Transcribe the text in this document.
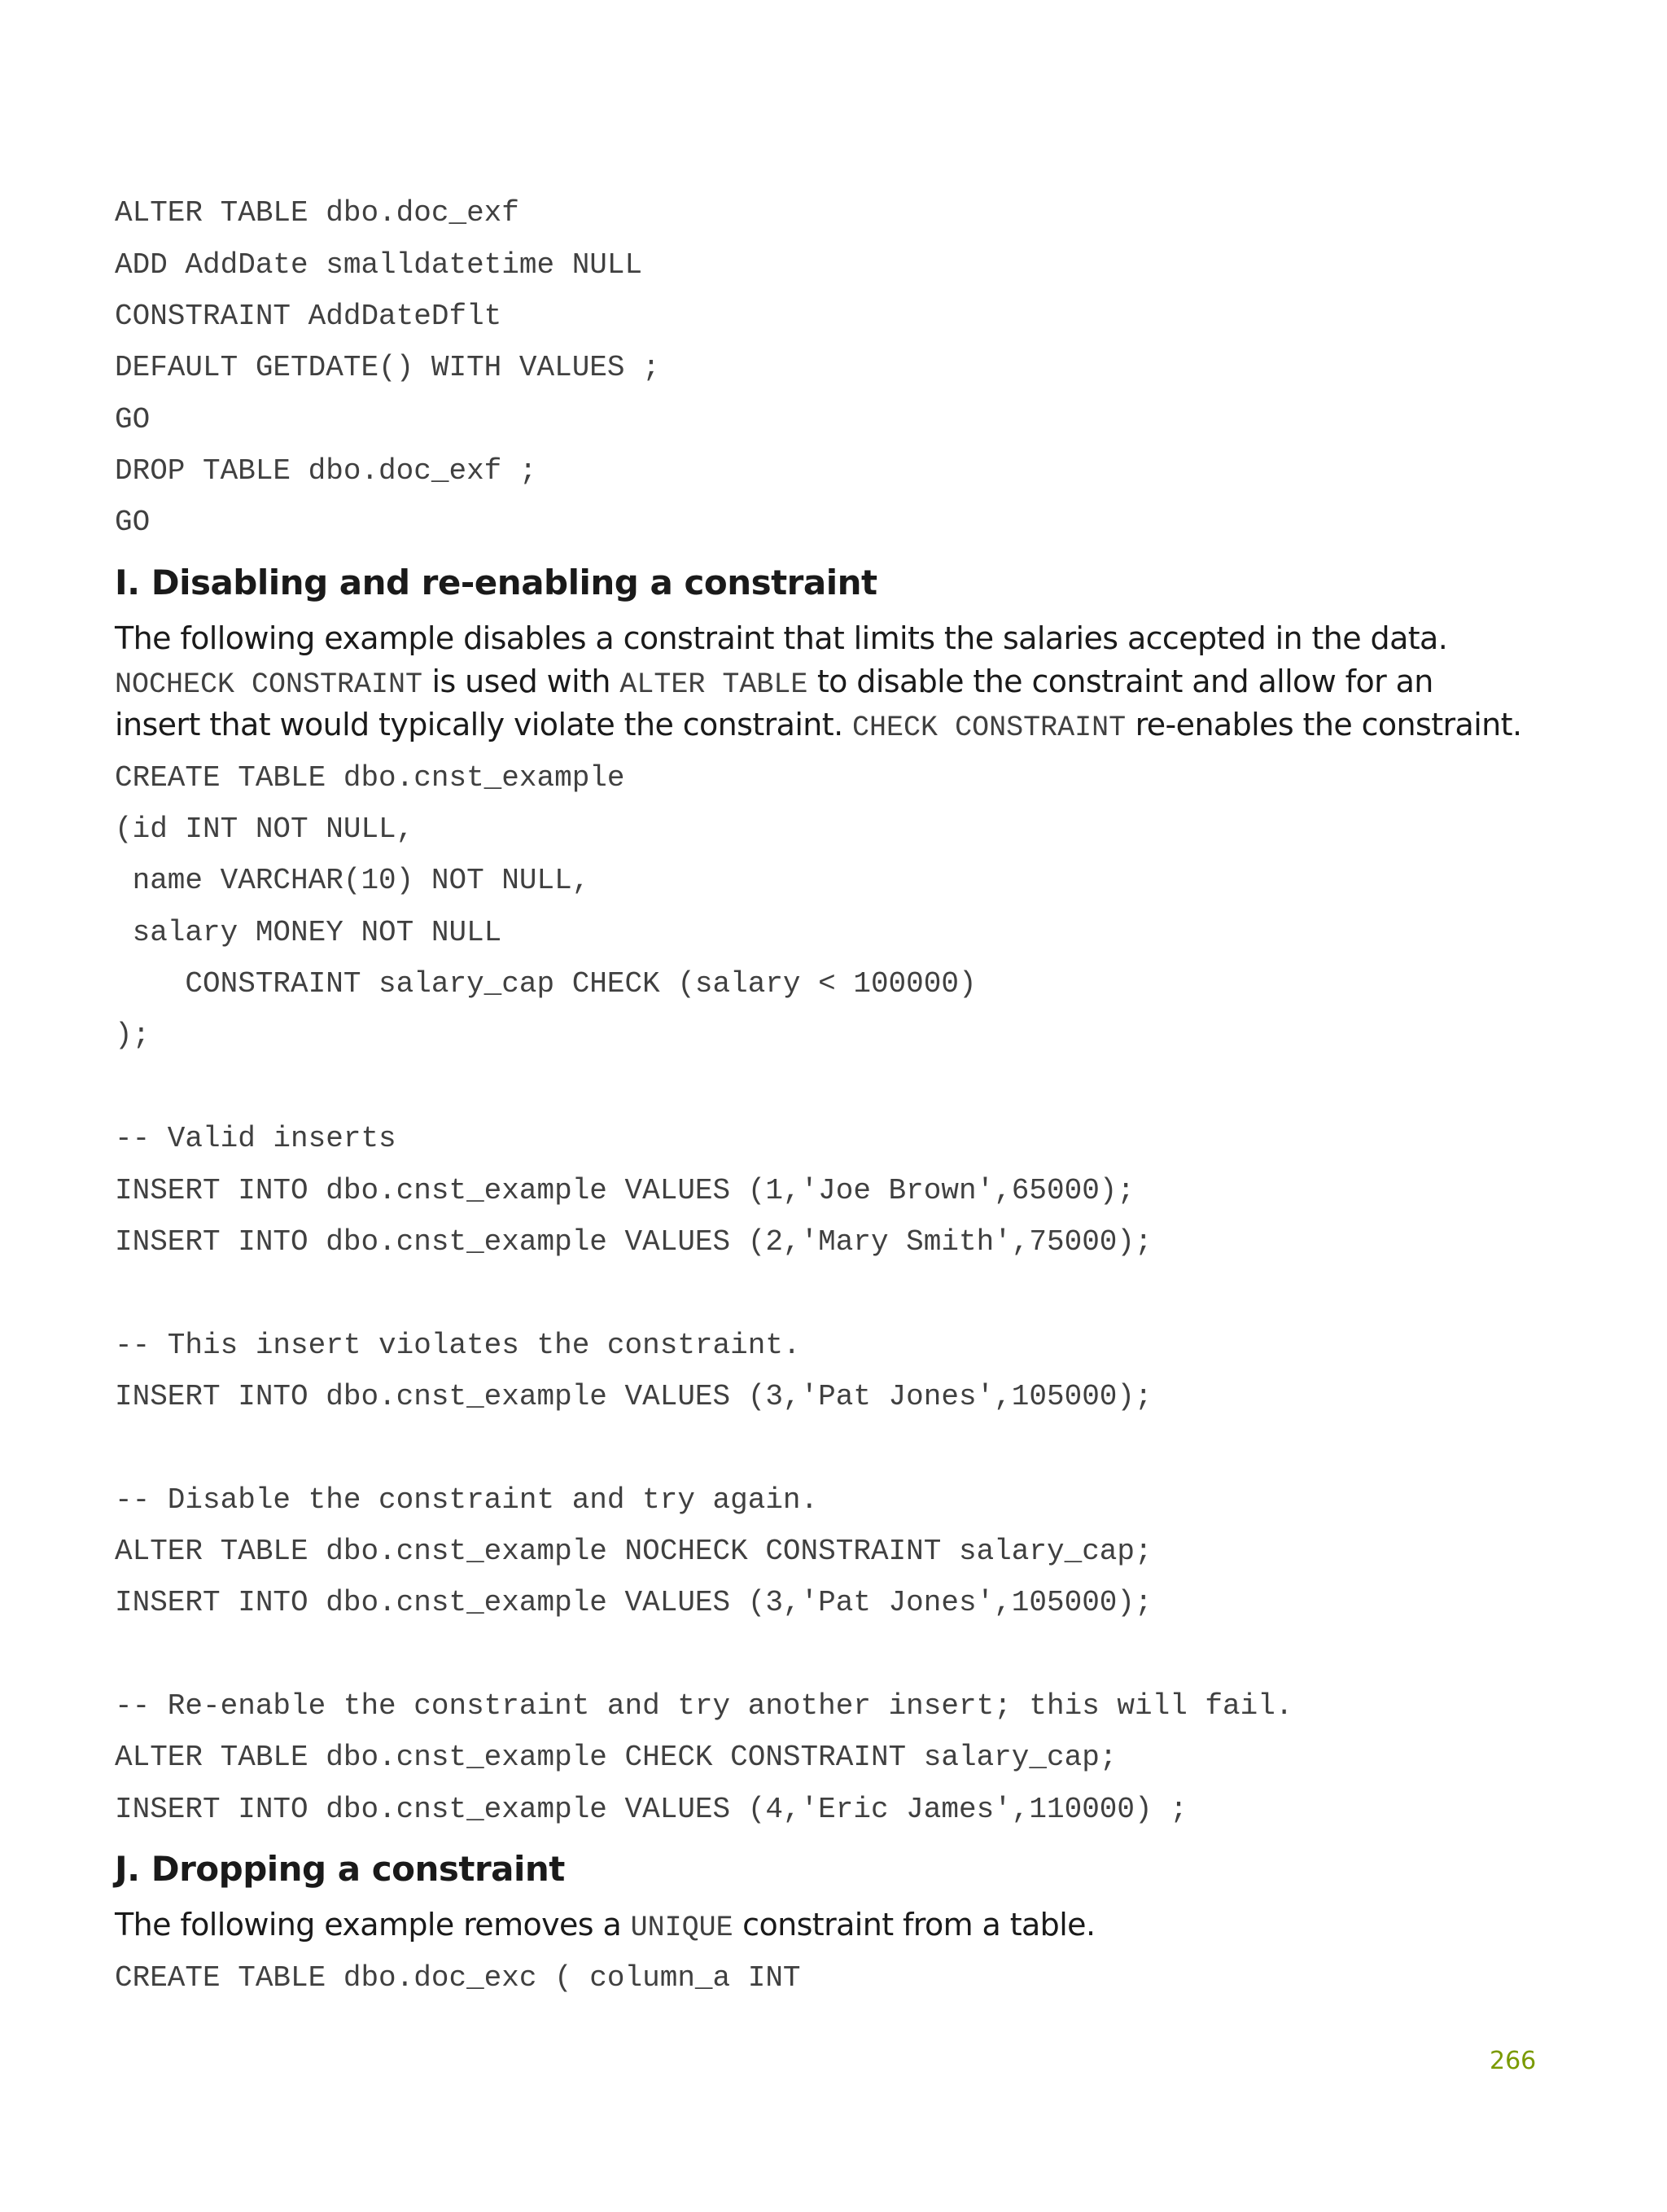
ALTER TABLE dbo.doc_exf

ADD AddDate smalldatetime NULL

CONSTRAINT AddDateDflt

DEFAULT GETDATE() WITH VALUES ;

GO

DROP TABLE dbo.doc_exf ;

GO

I. Disabling and re-enabling a constraint

The following example disables a constraint that limits the salaries accepted in the data.

NOCHECK CONSTRAINT is used with ALTER TABLE to disable the constraint and allow for an

insert that would typically violate the constraint. CHECK CONSTRAINT re-enables the constraint.

CREATE TABLE dbo.cnst_example

(id INT NOT NULL,

name VARCHAR(10) NOT NULL,

salary MONEY NOT NULL

CONSTRAINT salary_cap CHECK (salary < 100000)

);

-- Valid inserts

INSERT INTO dbo.cnst_example VALUES (1,'Joe Brown',65000);

INSERT INTO dbo.cnst_example VALUES (2,'Mary Smith',75000);

-- This insert violates the constraint.

INSERT INTO dbo.cnst_example VALUES (3,'Pat Jones',105000);

-- Disable the constraint and try again.

ALTER TABLE dbo.cnst_example NOCHECK CONSTRAINT salary_cap;

INSERT INTO dbo.cnst_example VALUES (3,'Pat Jones',105000);

-- Re-enable the constraint and try another insert; this will fail.

ALTER TABLE dbo.cnst_example CHECK CONSTRAINT salary_cap;

INSERT INTO dbo.cnst_example VALUES (4,'Eric James',110000) ;

J. Dropping a constraint

The following example removes a UNIQUE constraint from a table.

CREATE TABLE dbo.doc_exc ( column_a INT

266
